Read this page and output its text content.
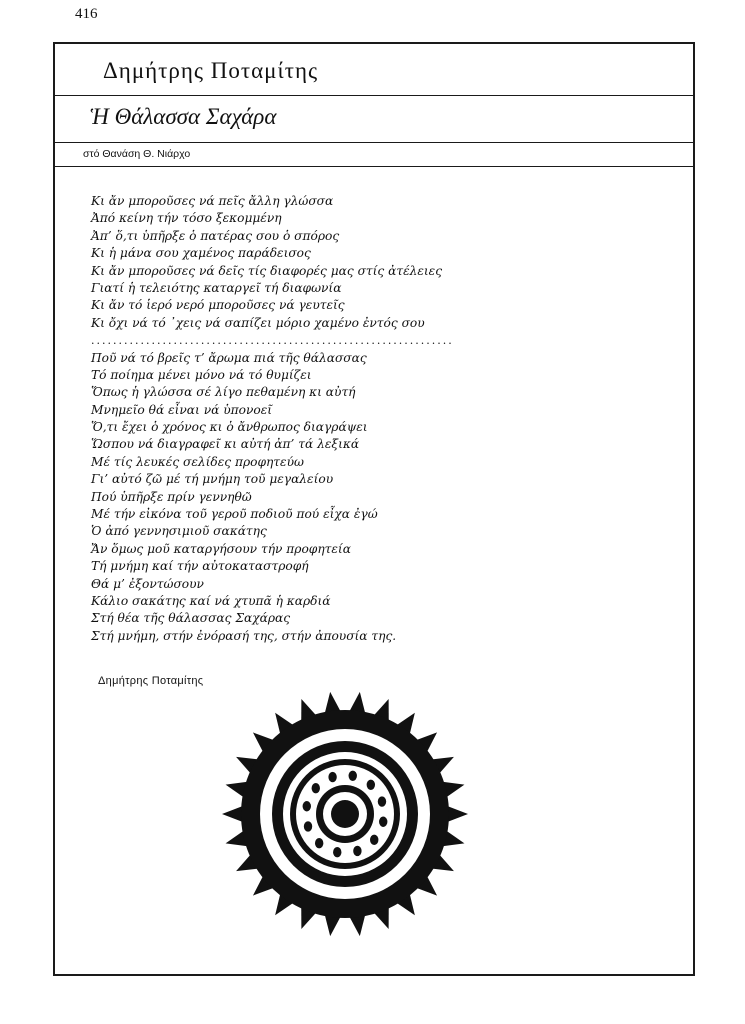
416
Δημήτρης Ποταμίτης
Ἡ Θάλασσα Σαχάρα
στό Θανάση Θ. Νιάρχο
Κι ἄν μποροῦσες νά πεῖς ἄλλη γλώσσα
Ἀπό κείνη τήν τόσο ξεκομμένη
Ἀπ’ ὅ,τι ὑπῆρξε ὁ πατέρας σου ὁ σπόρος
Κι ἡ μάνα σου χαμένος παράδεισος
Κι ἄν μποροῦσες νά δεῖς τίς διαφορές μας στίς ἀτέλειες
Γιατί ἡ τελειότης καταργεῖ τή διαφωνία
Κι ἄν τό ἱερό νερό μποροῦσες νά γευτεῖς
Κι ὄχι νά τό ᾿χεις νά σαπίζει μόριο χαμένο ἐντός σου
..................................................................
Ποῦ νά τό βρεῖς τ’ ἄρωμα πιά τῆς θάλασσας
Τό ποίημα μένει μόνο νά τό θυμίζει
Ὅπως ἡ γλώσσα σέ λίγο πεθαμένη κι αὐτή
Μνημεῖο θά εἶναι νά ὑπονοεῖ
Ὅ,τι ἔχει ὁ χρόνος κι ὁ ἄνθρωπος διαγράψει
Ὥσπου νά διαγραφεῖ κι αὐτή ἀπ’ τά λεξικά
Μέ τίς λευκές σελίδες προφητεύω
Γι’ αὐτό ζῶ μέ τή μνήμη τοῦ μεγαλείου
Πού ὑπῆρξε πρίν γεννηθῶ
Μέ τήν εἰκόνα τοῦ γεροῦ ποδιοῦ πού εἶχα ἐγώ
Ὁ ἀπό γεννησιμιοῦ σακάτης
Ἄν ὅμως μοῦ καταργήσουν τήν προφητεία
Τή μνήμη καί τήν αὐτοκαταστροφή
Θά μ’ ἐξοντώσουν
Κάλιο σακάτης καί νά χτυπᾶ ἡ καρδιά
Στή θέα τῆς θάλασσας Σαχάρας
Στή μνήμη, στήν ἐνόρασή της, στήν ἀπουσία της.
Δημήτρης Ποταμίτης
